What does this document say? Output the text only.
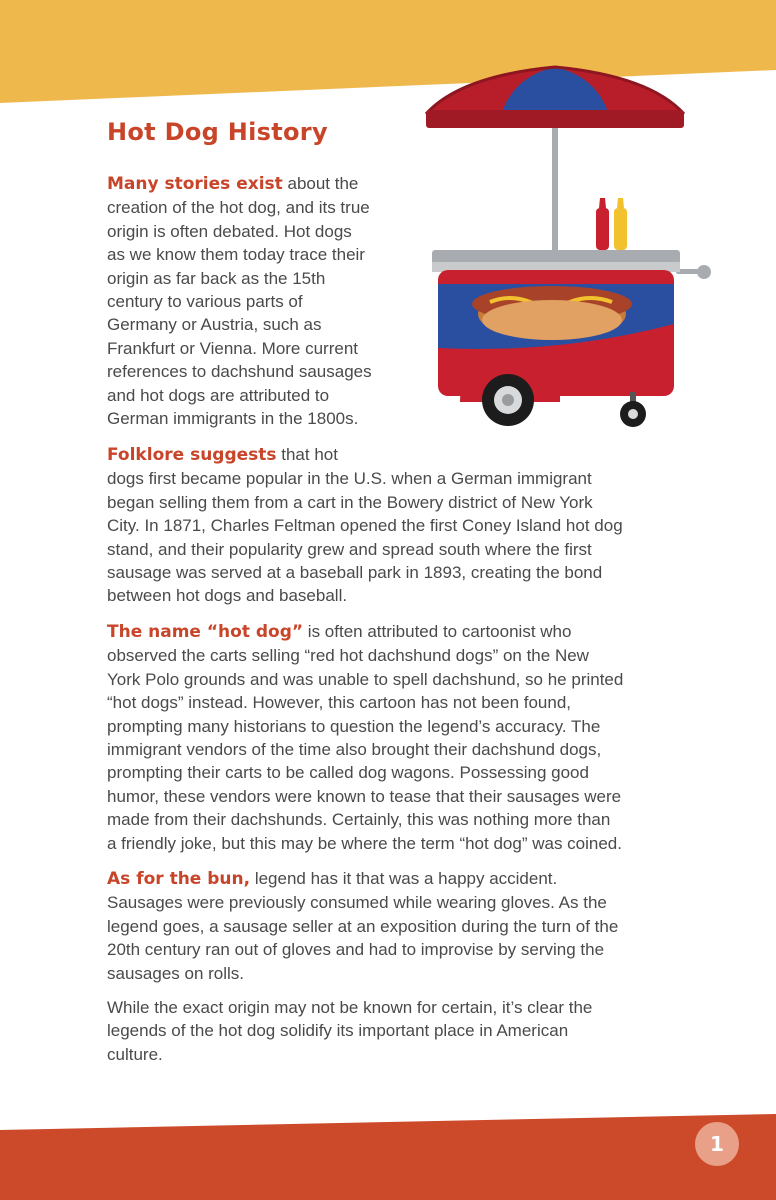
Hot Dog History

Many stories exist about the
creation of the hot dog, and its true
origin is often debated. Hot dogs
as we know them today trace their
origin as far back as the 15th
century to various parts of
Germany or Austria, such as
Frankfurt or Vienna. More current
references to dachshund sausages
and hot dogs are attributed to
German immigrants in the 1800s.

Folklore suggests that hot
dogs first became popular in the U.S. when a German immigrant
began selling them from a cart in the Bowery district of New York
City. In 1871, Charles Feltman opened the first Coney Island hot dog
stand, and their popularity grew and spread south where the first
sausage was served at a baseball park in 1893, creating the bond
between hot dogs and baseball.

The name “hot dog” is often attributed to cartoonist who
observed the carts selling “red hot dachshund dogs” on the New
York Polo grounds and was unable to spell dachshund, so he printed
“hot dogs” instead. However, this cartoon has not been found,
prompting many historians to question the legend’s accuracy. The
immigrant vendors of the time also brought their dachshund dogs,
prompting their carts to be called dog wagons. Possessing good
humor, these vendors were known to tease that their sausages were
made from their dachshunds. Certainly, this was nothing more than
a friendly joke, but this may be where the term “hot dog” was coined.

As for the bun, legend has it that was a happy accident.
Sausages were previously consumed while wearing gloves. As the
legend goes, a sausage seller at an exposition during the turn of the
20th century ran out of gloves and had to improvise by serving the
sausages on rolls.

While the exact origin may not be known for certain, it’s clear the
legends of the hot dog solidify its important place in American
culture.

1
